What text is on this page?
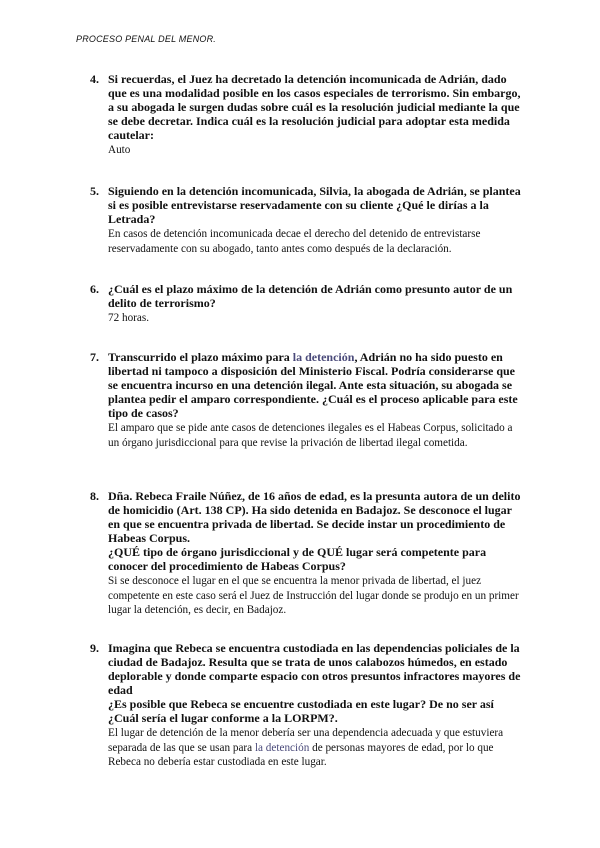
PROCESO PENAL DEL MENOR.
4. Si recuerdas, el Juez ha decretado la detención incomunicada de Adrián, dado que es una modalidad posible en los casos especiales de terrorismo. Sin embargo, a su abogada le surgen dudas sobre cuál es la resolución judicial mediante la que se debe decretar. Indica cuál es la resolución judicial para adoptar esta medida cautelar:
Auto
5. Siguiendo en la detención incomunicada, Silvia, la abogada de Adrián, se plantea si es posible entrevistarse reservadamente con su cliente ¿Qué le dirías a la Letrada?
En casos de detención incomunicada decae el derecho del detenido de entrevistarse reservadamente con su abogado, tanto antes como después de la declaración.
6. ¿Cuál es el plazo máximo de la detención de Adrián como presunto autor de un delito de terrorismo?
72 horas.
7. Transcurrido el plazo máximo para la detención, Adrián no ha sido puesto en libertad ni tampoco a disposición del Ministerio Fiscal. Podría considerarse que se encuentra incurso en una detención ilegal. Ante esta situación, su abogada se plantea pedir el amparo correspondiente. ¿Cuál es el proceso aplicable para este tipo de casos?
El amparo que se pide ante casos de detenciones ilegales es el Habeas Corpus, solicitado a un órgano jurisdiccional para que revise la privación de libertad ilegal cometida.
8. Dña. Rebeca Fraile Núñez, de 16 años de edad, es la presunta autora de un delito de homicidio (Art. 138 CP). Ha sido detenida en Badajoz. Se desconoce el lugar en que se encuentra privada de libertad. Se decide instar un procedimiento de Habeas Corpus.
¿QUÉ tipo de órgano jurisdiccional y de QUÉ lugar será competente para conocer del procedimiento de Habeas Corpus?
Si se desconoce el lugar en el que se encuentra la menor privada de libertad, el juez competente en este caso será el Juez de Instrucción del lugar donde se produjo en un primer lugar la detención, es decir, en Badajoz.
9. Imagina que Rebeca se encuentra custodiada en las dependencias policiales de la ciudad de Badajoz. Resulta que se trata de unos calabozos húmedos, en estado deplorable y donde comparte espacio con otros presuntos infractores mayores de edad
¿Es posible que Rebeca se encuentre custodiada en este lugar? De no ser así ¿Cuál sería el lugar conforme a la LORPM?.
El lugar de detención de la menor debería ser una dependencia adecuada y que estuviera separada de las que se usan para la detención de personas mayores de edad, por lo que Rebeca no debería estar custodiada en este lugar.
